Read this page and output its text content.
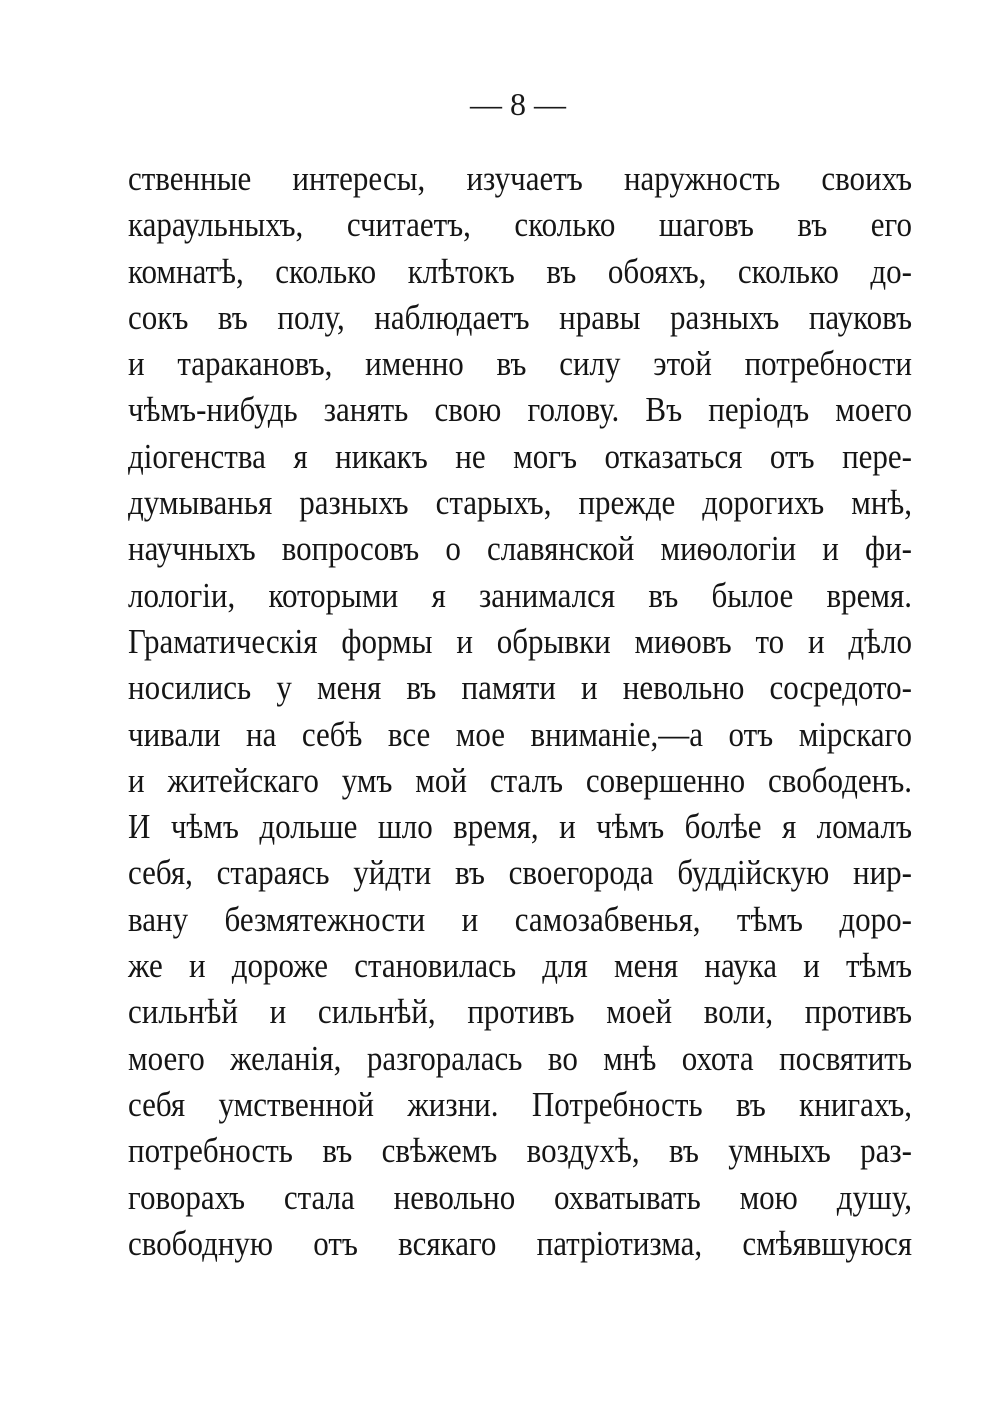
— 8 —
ственные интересы, изучаетъ наружность своихъ
караульныхъ, считаетъ, сколько шаговъ въ его
комнатѣ, сколько клѣтокъ въ обояхъ, сколько до-
сокъ въ полу, наблюдаетъ нравы разныхъ пауковъ
и таракановъ, именно въ силу этой потребности
чѣмъ-нибудь занять свою голову. Въ періодъ моего
діогенства я никакъ не могъ отказаться отъ пере-
думыванья разныхъ старыхъ, прежде дорогихъ мнѣ,
научныхъ вопросовъ о славянской миѳологіи и фи-
лологіи, которыми я занимался въ былое время.
Граматическія формы и обрывки миѳовъ то и дѣло
носились у меня въ памяти и невольно сосредото-
чивали на себѣ все мое вниманіе,—а отъ мірскаго
и житейскаго умъ мой сталъ совершенно свободенъ.
И чѣмъ дольше шло время, и чѣмъ болѣе я ломалъ
себя, стараясь уйдти въ своегорода буддійскую нир-
вану безмятежности и самозабвенья, тѣмъ доро-
же и дороже становилась для меня наука и тѣмъ
сильнѣй и сильнѣй, противъ моей воли, противъ
моего желанія, разгоралась во мнѣ охота посвятить
себя умственной жизни. Потребность въ книгахъ,
потребность въ свѣжемъ воздухѣ, въ умныхъ раз-
говорахъ стала невольно охватывать мою душу,
свободную отъ всякаго патріотизма, смѣявшуюся
